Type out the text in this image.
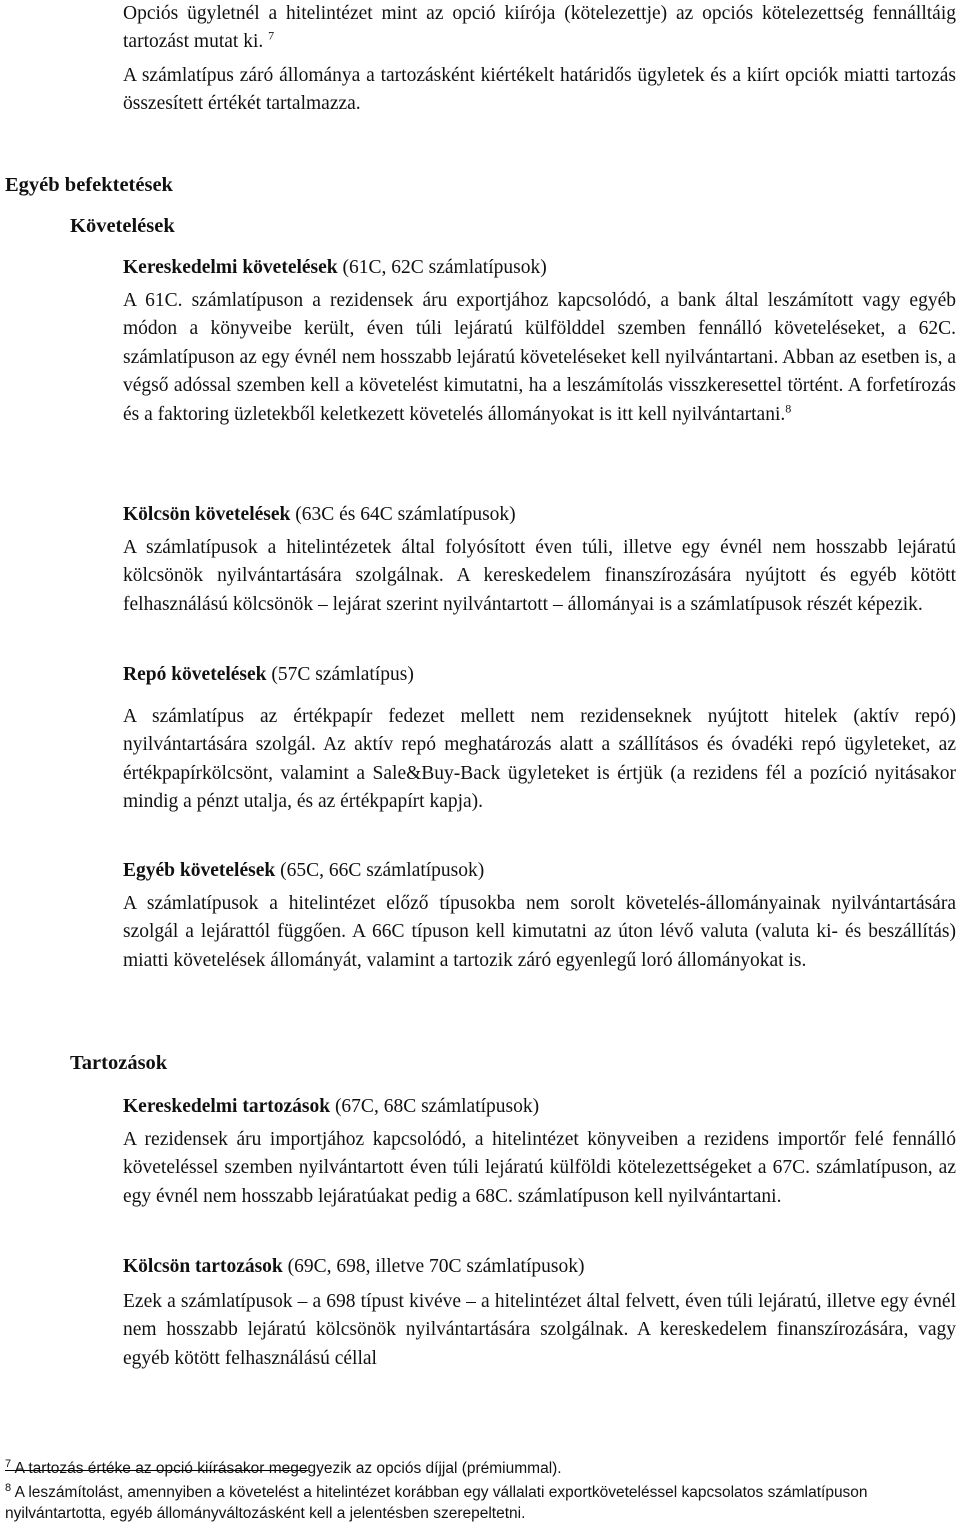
Opciós ügyletnél a hitelintézet mint az opció kiírója (kötelezettje) az opciós kötelezettség fennálltáig tartozást mutat ki. $^7$

A számlatípus záró állománya a tartozásként kiértékelt határidős ügyletek és a kiírt opciók miatti tartozás összesített értékét tartalmazza.

Egyéb befektetések
Követelések

Kereskedelmi követelések (61C, 62C számlatípusok)

A 61C. számlatípuson a rezidensek áru exportjához kapcsolódó, a bank által leszámított vagy egyéb módon a könyveibe került, éven túli lejáratú külfölddel szemben fennálló követeléseket, a 62C. számlatípuson az egy évnél nem hosszabb lejáratú követeléseket kell nyilvántartani. Abban az esetben is, a végső adóssal szemben kell a követelést kimutatni, ha a leszámítolás visszkeresettel történt. A forfetírozás és a faktoring üzletekből keletkezett követelés állományokat is itt kell nyilvántartani.$^8$

Kölcsön követelések (63C és 64C számlatípusok)

A számlatípusok a hitelintézetek által folyósított éven túli, illetve egy évnél nem hosszabb lejáratú kölcsönök nyilvántartására szolgálnak. A kereskedelem finanszírozására nyújtott és egyéb kötött felhasználású kölcsönök – lejárat szerint nyilvántartott – állományai is a számlatípusok részét képezik.

Repó követelések (57C számlatípus)

A számlatípus az értékpapír fedezet mellett nem rezidenseknek nyújtott hitelek (aktív repó) nyilvántartására szolgál. Az aktív repó meghatározás alatt a szállításos és óvadéki repó ügyleteket, az értékpapírkölcsönt, valamint a Sale&Buy-Back ügyleteket is értjük (a rezidens fél a pozíció nyitásakor mindig a pénzt utalja, és az értékpapírt kapja).

Egyéb követelések (65C, 66C számlatípusok)

A számlatípusok a hitelintézet előző típusokba nem sorolt követelés-állományainak nyilvántartására szolgál a lejárattól függően. A 66C típuson kell kimutatni az úton lévő valuta (valuta ki- és beszállítás) miatti követelések állományát, valamint a tartozik záró egyenlegű loró állományokat is.

Tartozások

Kereskedelmi tartozások (67C, 68C számlatípusok)

A rezidensek áru importjához kapcsolódó, a hitelintézet könyveiben a rezidens importőr felé fennálló követeléssel szemben nyilvántartott éven túli lejáratú külföldi kötelezettségeket a 67C. számlatípuson, az egy évnél nem hosszabb lejáratúakat pedig a 68C. számlatípuson kell nyilvántartani.

Kölcsön tartozások (69C, 698, illetve 70C számlatípusok)

Ezek a számlatípusok – a 698 típust kivéve – a hitelintézet által felvett, éven túli lejáratú, illetve egy évnél nem hosszabb lejáratú kölcsönök nyilvántartására szolgálnak. A kereskedelem finanszírozására, vagy egyéb kötött felhasználású céllal

$^7$ A tartozás értéke az opció kiírásakor megegyezik az opciós díjjal (prémiummal).

$^8$ A leszámítolást, amennyiben a követelést a hitelintézet korábban egy vállalati exportköveteléssel kapcsolatos számlatípuson nyilvántartotta, egyéb állományváltozásként kell a jelentésben szerepeltetni.
